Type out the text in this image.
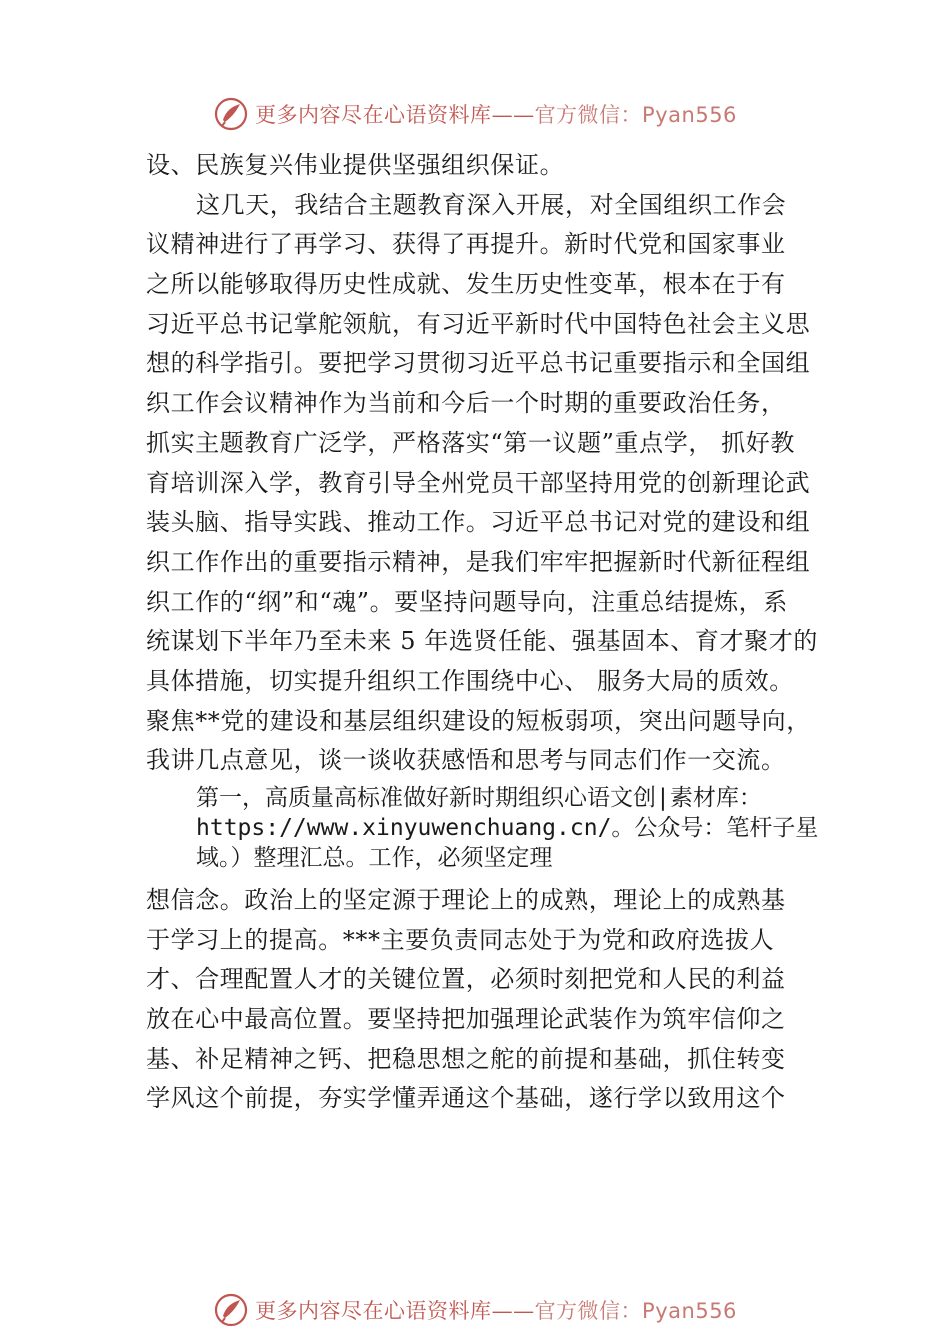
更多内容尽在心语资料库——官方微信：Pyan556
设、民族复兴伟业提供坚强组织保证。
这几天，我结合主题教育深入开展，对全国组织工作会
议精神进行了再学习、获得了再提升。新时代党和国家事业
之所以能够取得历史性成就、发生历史性变革，根本在于有
习近平总书记掌舵领航，有习近平新时代中国特色社会主义思
想的科学指引。要把学习贯彻习近平总书记重要指示和全国组
织工作会议精神作为当前和今后一个时期的重要政治任务，
抓实主题教育广泛学，严格落实“第一议题”重点学， 抓好教
育培训深入学，教育引导全州党员干部坚持用党的创新理论武
装头脑、指导实践、推动工作。习近平总书记对党的建设和组
织工作作出的重要指示精神，是我们牢牢把握新时代新征程组
织工作的“纲”和“魂”。要坚持问题导向，注重总结提炼，系
统谋划下半年乃至未来 5 年选贤任能、强基固本、育才聚才的
具体措施，切实提升组织工作围绕中心、 服务大局的质效。
聚焦**党的建设和基层组织建设的短板弱项，突出问题导向，
我讲几点意见，谈一谈收获感悟和思考与同志们作一交流。
第一，高质量高标准做好新时期组织心语文创|素材库：
https://www.xinyuwenchuang.cn/。公众号：笔杆子星
域。）整理汇总。工作，必须坚定理
想信念。政治上的坚定源于理论上的成熟，理论上的成熟基
于学习上的提高。***主要负责同志处于为党和政府选拔人
才、合理配置人才的关键位置，必须时刻把党和人民的利益
放在心中最高位置。要坚持把加强理论武装作为筑牢信仰之
基、补足精神之钙、把稳思想之舵的前提和基础，抓住转变
学风这个前提，夯实学懂弄通这个基础，遂行学以致用这个
更多内容尽在心语资料库——官方微信：Pyan556
